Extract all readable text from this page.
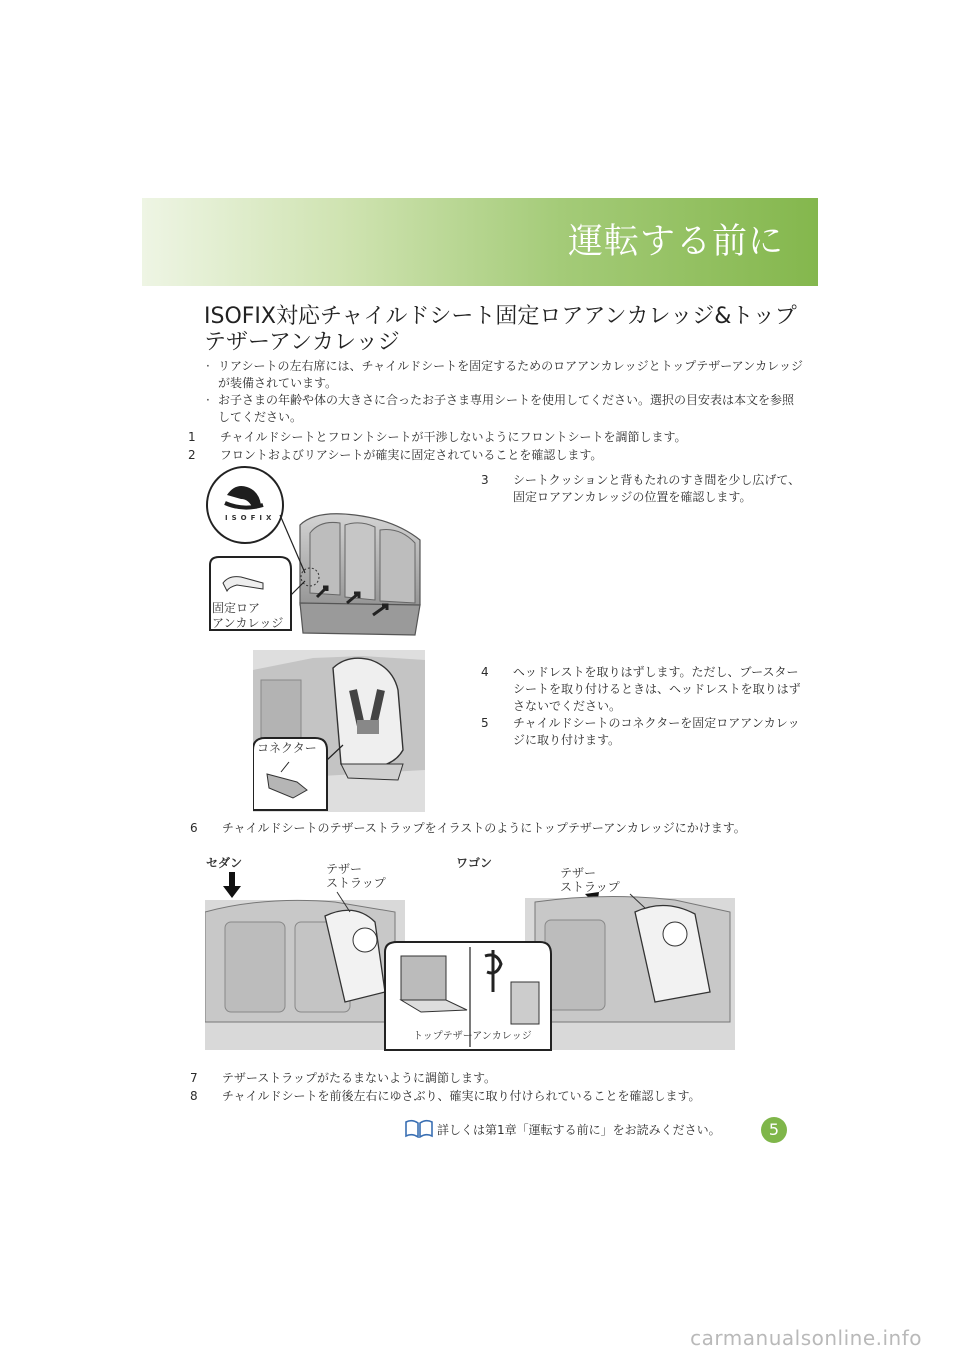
運転する前に
ISOFIX対応チャイルドシート固定ロアアンカレッジ&トップテザーアンカレッジ
· リアシートの左右席には、チャイルドシートを固定するためのロアアンカレッジとトップテザーアンカレッジが装備されています。
· お子さまの年齢や体の大きさに合ったお子さま専用シートを使用してください。選択の目安表は本文を参照してください。
1 チャイルドシートとフロントシートが干渉しないようにフロントシートを調節します。
2 フロントおよびリアシートが確実に固定されていることを確認します。
ISOFIX
固定ロア
アンカレッジ
3 シートクッションと背もたれのすき間を少し広げて、固定ロアアンカレッジの位置を確認します。
コネクター
4 ヘッドレストを取りはずします。ただし、ブースターシートを取り付けるときは、ヘッドレストを取りはずさないでください。
5 チャイルドシートのコネクターを固定ロアアンカレッジに取り付けます。
6 チャイルドシートのテザーストラップをイラストのようにトップテザーアンカレッジにかけます。
セダン	ワゴン
テザー
ストラップ
テザー
ストラップ
トップテザーアンカレッジ
7 テザーストラップがたるまないように調節します。
8 チャイルドシートを前後左右にゆさぶり、確実に取り付けられていることを確認します。
詳しくは第1章「運転する前に」をお読みください。	5
carmanualsonline.info
